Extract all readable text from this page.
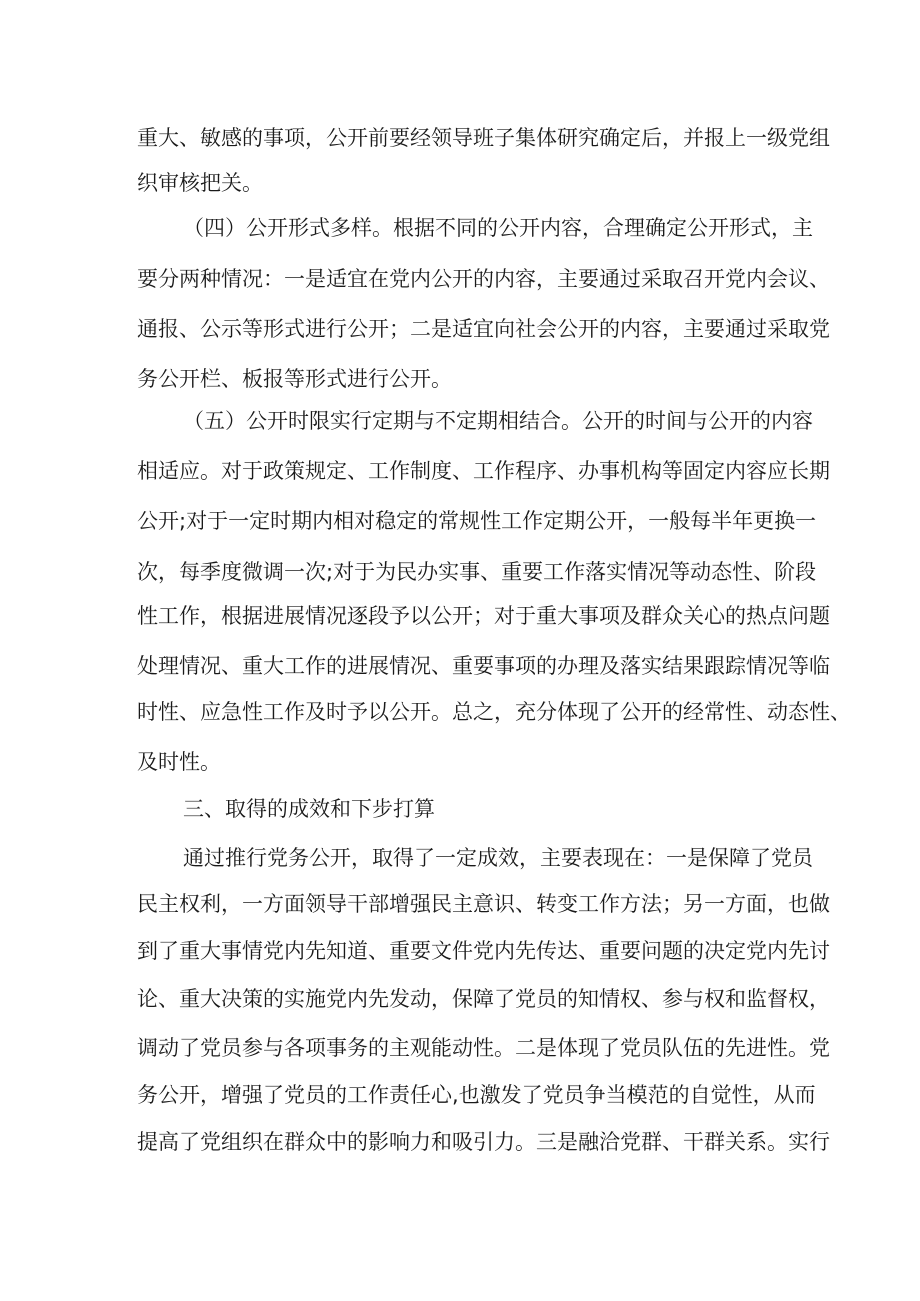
重大、敏感的事项，公开前要经领导班子集体研究确定后，并报上一级党组
织审核把关。
（四）公开形式多样。根据不同的公开内容，合理确定公开形式，主
要分两种情况：一是适宜在党内公开的内容，主要通过采取召开党内会议、
通报、公示等形式进行公开；二是适宜向社会公开的内容，主要通过采取党
务公开栏、板报等形式进行公开。
（五）公开时限实行定期与不定期相结合。公开的时间与公开的内容
相适应。对于政策规定、工作制度、工作程序、办事机构等固定内容应长期
公开;对于一定时期内相对稳定的常规性工作定期公开，一般每半年更换一
次，每季度微调一次;对于为民办实事、重要工作落实情况等动态性、阶段
性工作，根据进展情况逐段予以公开；对于重大事项及群众关心的热点问题
处理情况、重大工作的进展情况、重要事项的办理及落实结果跟踪情况等临
时性、应急性工作及时予以公开。总之，充分体现了公开的经常性、动态性、
及时性。
三、取得的成效和下步打算
通过推行党务公开，取得了一定成效，主要表现在：一是保障了党员
民主权利，一方面领导干部增强民主意识、转变工作方法；另一方面，也做
到了重大事情党内先知道、重要文件党内先传达、重要问题的决定党内先讨
论、重大决策的实施党内先发动，保障了党员的知情权、参与权和监督权，
调动了党员参与各项事务的主观能动性。二是体现了党员队伍的先进性。党
务公开，增强了党员的工作责任心,也激发了党员争当模范的自觉性，从而
提高了党组织在群众中的影响力和吸引力。三是融洽党群、干群关系。实行
